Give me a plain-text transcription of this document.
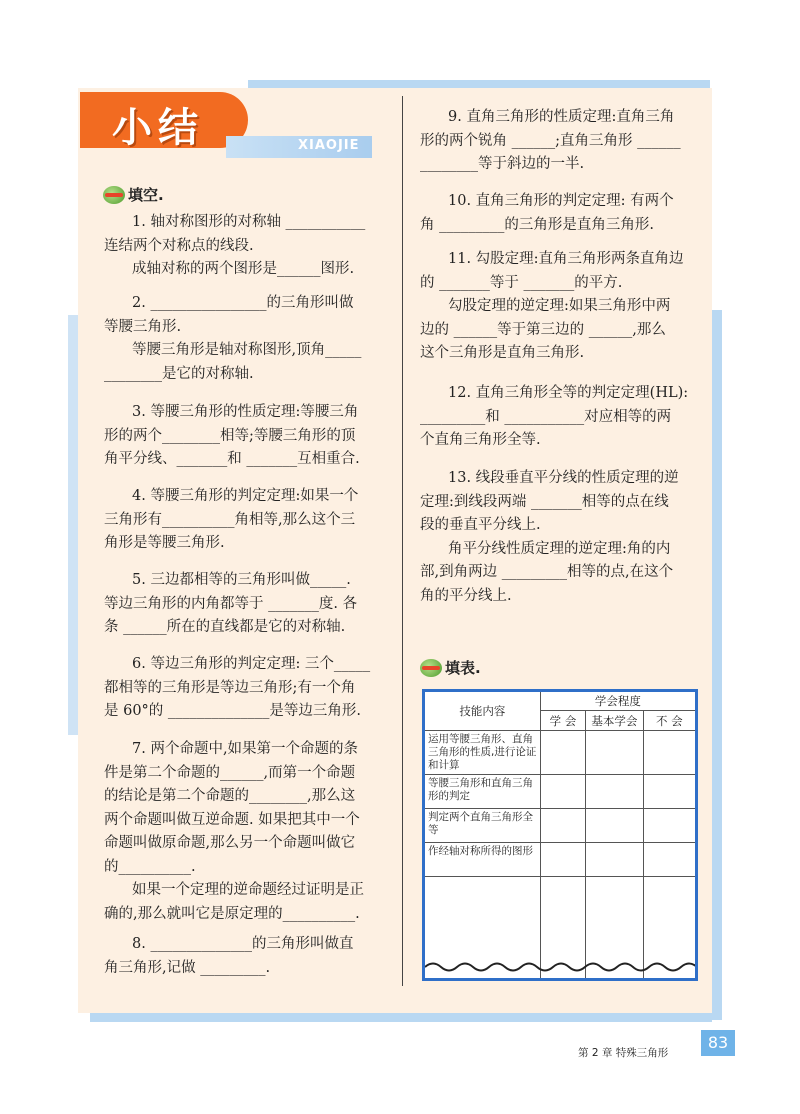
小结	XIAOJIE
填空.
1. 轴对称图形的对称轴 ___________
连结两个对称点的线段.
成轴对称的两个图形是______图形.
2. ________________的三角形叫做
等腰三角形.
等腰三角形是轴对称图形,顶角_____
________是它的对称轴.
3. 等腰三角形的性质定理:等腰三角
形的两个________相等;等腰三角形的顶
角平分线、_______和 _______互相重合.
4. 等腰三角形的判定定理:如果一个
三角形有__________角相等,那么这个三
角形是等腰三角形.
5. 三边都相等的三角形叫做_____.
等边三角形的内角都等于 _______度. 各
条 ______所在的直线都是它的对称轴.
6. 等边三角形的判定定理: 三个_____
都相等的三角形是等边三角形;有一个角
是 60°的 ______________是等边三角形.
7. 两个命题中,如果第一个命题的条
件是第二个命题的______,而第一个命题
的结论是第二个命题的________,那么这
两个命题叫做互逆命题. 如果把其中一个
命题叫做原命题,那么另一个命题叫做它
的__________.
如果一个定理的逆命题经过证明是正
确的,那么就叫它是原定理的__________.
8. ______________的三角形叫做直
角三角形,记做 _________.
9. 直角三角形的性质定理:直角三角
形的两个锐角 ______;直角三角形 ______
________等于斜边的一半.
10. 直角三角形的判定定理: 有两个
角 _________的三角形是直角三角形.
11. 勾股定理:直角三角形两条直角边
的 _______等于 _______的平方.
勾股定理的逆定理:如果三角形中两
边的 ______等于第三边的 ______,那么
这个三角形是直角三角形.
12. 直角三角形全等的判定定理(HL):
_________和 ___________对应相等的两
个直角三角形全等.
13. 线段垂直平分线的性质定理的逆
定理:到线段两端 _______相等的点在线
段的垂直平分线上.
角平分线性质定理的逆定理:角的内
部,到角两边 _________相等的点,在这个
角的平分线上.
填表.
技能内容	学会程度		
	学 会	基本学会	不 会
运用等腰三角形、直角三角形的性质,进行论证和计算			
等腰三角形和直角三角形的判定			
判定两个直角三角形全等			
作经轴对称所得的图形			

第 2 章 特殊三角形
83
